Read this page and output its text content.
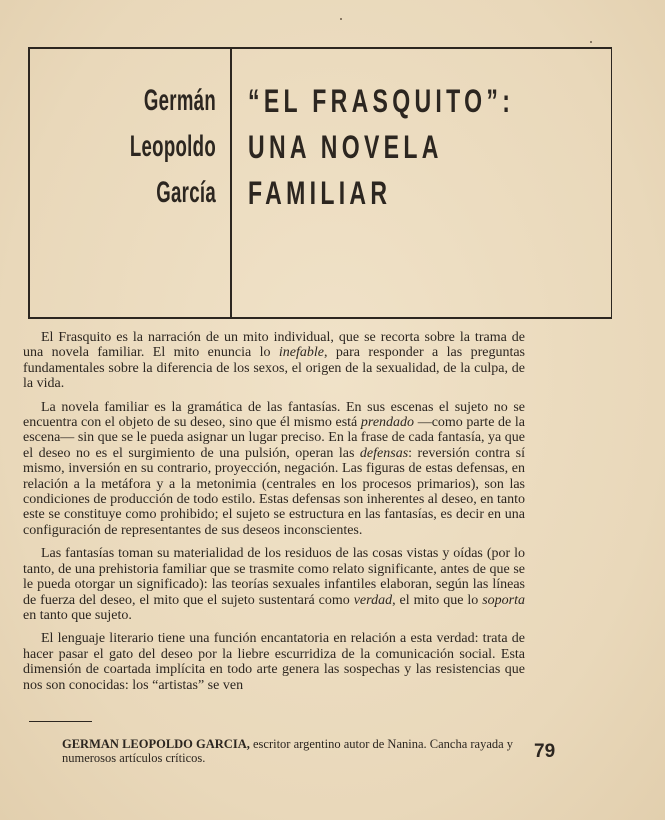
Germán
Leopoldo
García
“EL FRASQUITO”:
UNA NOVELA
FAMILIAR

El Frasquito es la narración de un mito individual, que se recorta sobre la trama de una novela familiar. El mito enuncia lo inefable, para responder a las preguntas fundamentales sobre la diferencia de los sexos, el origen de la sexualidad, de la culpa, de la vida.

La novela familiar es la gramática de las fantasías. En sus escenas el sujeto no se encuentra con el objeto de su deseo, sino que él mismo está prendado —como parte de la escena— sin que se le pueda asignar un lugar preciso. En la frase de cada fantasía, ya que el deseo no es el surgimiento de una pulsión, operan las defensas: reversión contra sí mismo, inversión en su contrario, proyección, negación. Las figuras de estas defensas, en relación a la metáfora y a la metonimia (centrales en los procesos primarios), son las condiciones de producción de todo estilo. Estas defensas son inherentes al deseo, en tanto este se constituye como prohibido; el sujeto se estructura en las fantasías, es decir en una configuración de representantes de sus deseos inconscientes.

Las fantasías toman su materialidad de los residuos de las cosas vistas y oídas (por lo tanto, de una prehistoria familiar que se trasmite como relato significante, antes de que se le pueda otorgar un significado): las teorías sexuales infantiles elaboran, según las líneas de fuerza del deseo, el mito que el sujeto sustentará como verdad, el mito que lo soporta en tanto que sujeto.

El lenguaje literario tiene una función encantatoria en relación a esta verdad: trata de hacer pasar el gato del deseo por la liebre escurridiza de la comunicación social. Esta dimensión de coartada implícita en todo arte genera las sospechas y las resistencias que nos son conocidas: los “artistas” se ven

GERMAN LEOPOLDO GARCIA, escritor argentino autor de Nanina. Cancha rayada y numerosos artículos críticos.	79
